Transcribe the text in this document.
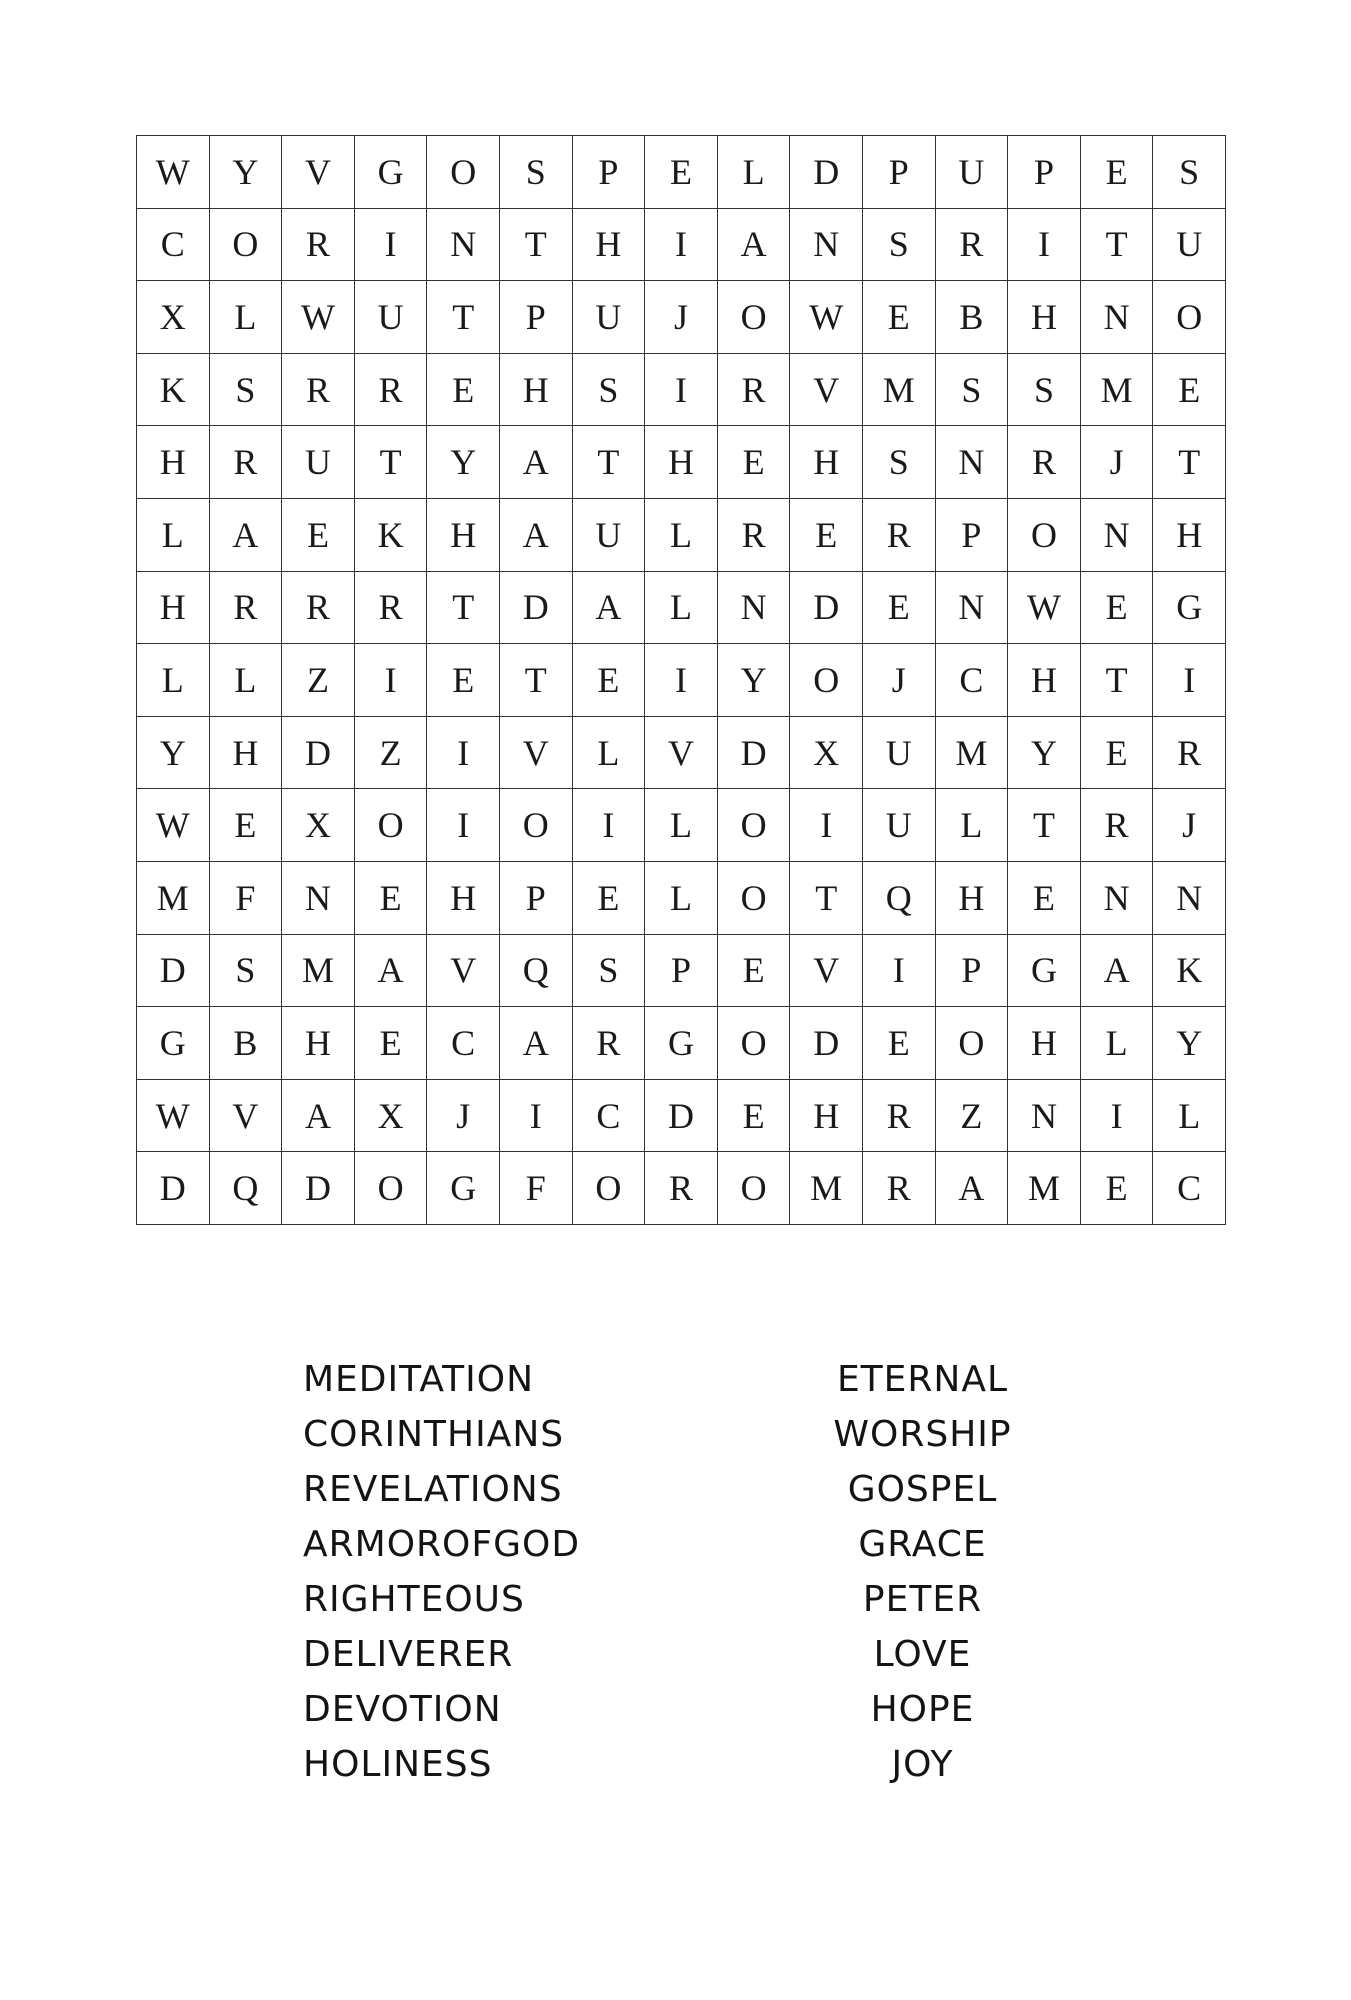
W	Y	V	G	O	S	P	E	L	D	P	U	P	E	S
C	O	R	I	N	T	H	I	A	N	S	R	I	T	U
X	L	W	U	T	P	U	J	O	W	E	B	H	N	O
K	S	R	R	E	H	S	I	R	V	M	S	S	M	E
H	R	U	T	Y	A	T	H	E	H	S	N	R	J	T
L	A	E	K	H	A	U	L	R	E	R	P	O	N	H
H	R	R	R	T	D	A	L	N	D	E	N	W	E	G
L	L	Z	I	E	T	E	I	Y	O	J	C	H	T	I
Y	H	D	Z	I	V	L	V	D	X	U	M	Y	E	R
W	E	X	O	I	O	I	L	O	I	U	L	T	R	J
M	F	N	E	H	P	E	L	O	T	Q	H	E	N	N
D	S	M	A	V	Q	S	P	E	V	I	P	G	A	K
G	B	H	E	C	A	R	G	O	D	E	O	H	L	Y
W	V	A	X	J	I	C	D	E	H	R	Z	N	I	L
D	Q	D	O	G	F	O	R	O	M	R	A	M	E	C
MEDITATION
CORINTHIANS
REVELATIONS
ARMOROFGOD
RIGHTEOUS
DELIVERER
DEVOTION
HOLINESS
ETERNAL
WORSHIP
GOSPEL
GRACE
PETER
LOVE
HOPE
JOY
